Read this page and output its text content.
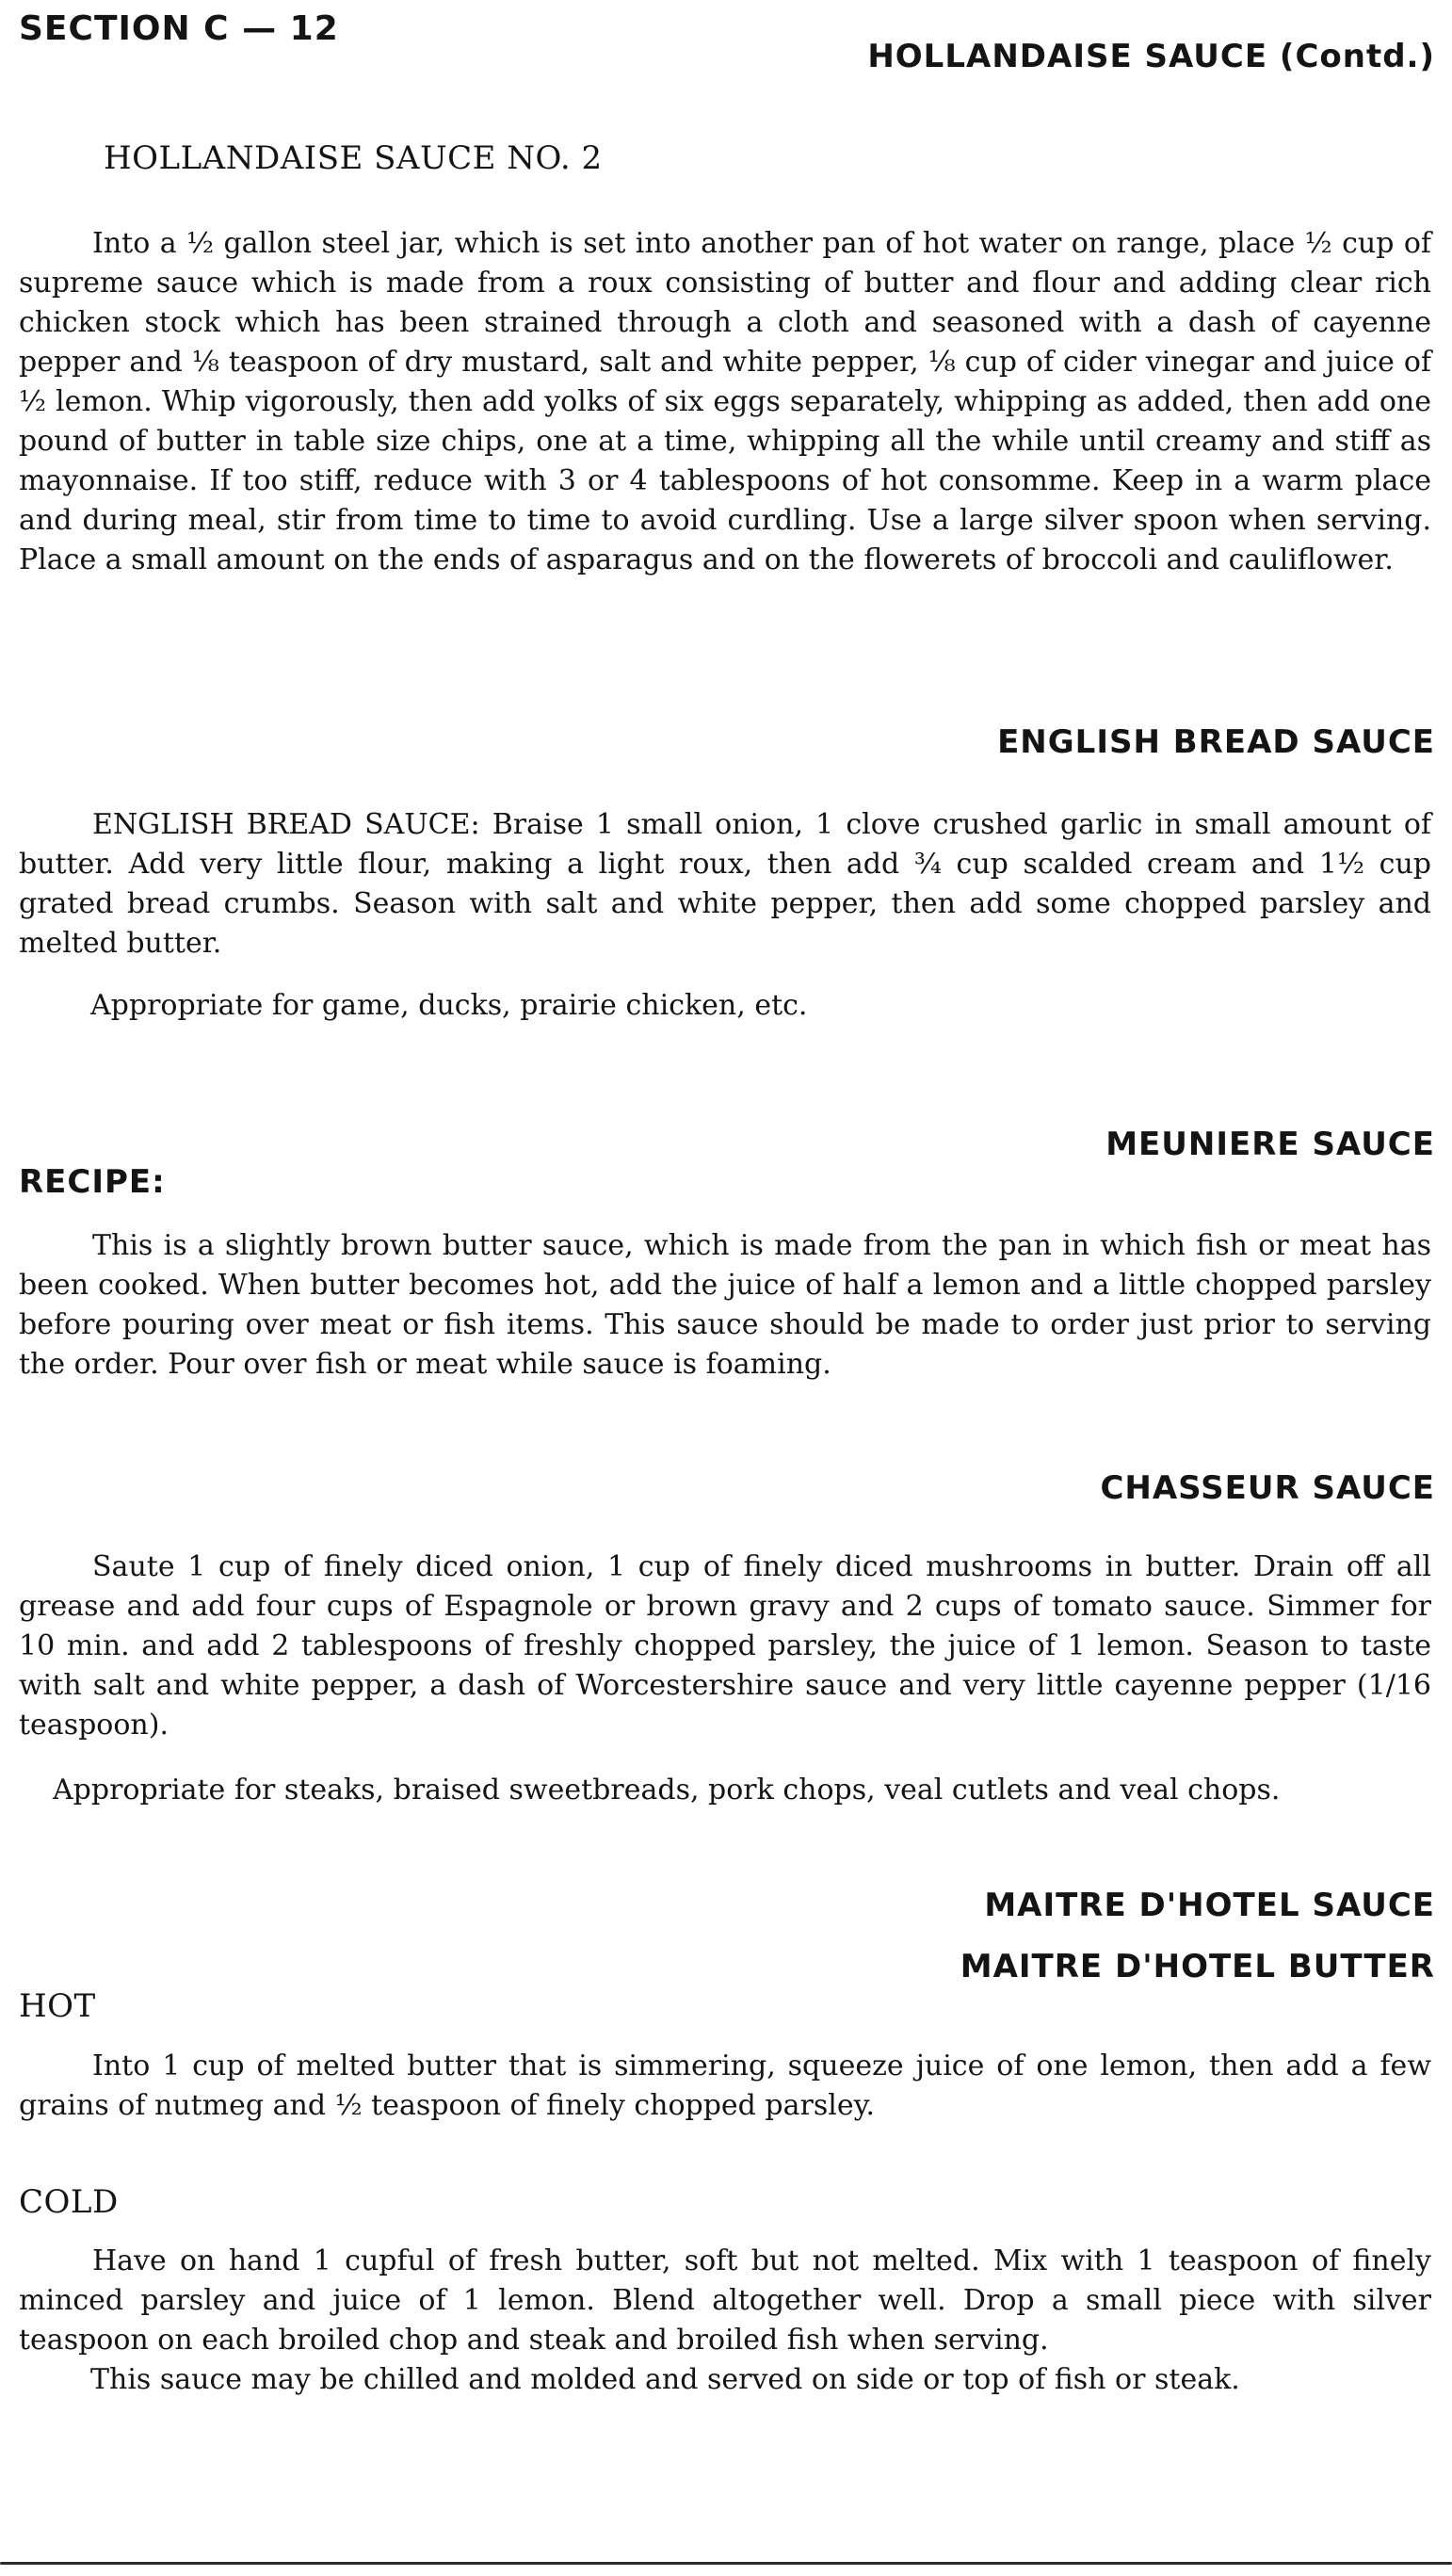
SECTION C — 12
HOLLANDAISE SAUCE (Contd.)
HOLLANDAISE SAUCE NO. 2

Into a ½ gallon steel jar, which is set into another pan of hot water on range, place ½ cup of supreme sauce which is made from a roux consisting of butter and flour and adding clear rich chicken stock which has been strained through a cloth and seasoned with a dash of cayenne pepper and ⅛ teaspoon of dry mustard, salt and white pepper, ⅛ cup of cider vinegar and juice of ½ lemon. Whip vigorously, then add yolks of six eggs separately, whipping as added, then add one pound of butter in table size chips, one at a time, whipping all the while until creamy and stiff as mayonnaise. If too stiff, reduce with 3 or 4 tablespoons of hot consomme. Keep in a warm place and during meal, stir from time to time to avoid curdling. Use a large silver spoon when serving. Place a small amount on the ends of asparagus and on the flowerets of broccoli and cauliflower.

ENGLISH BREAD SAUCE

ENGLISH BREAD SAUCE: Braise 1 small onion, 1 clove crushed garlic in small amount of butter. Add very little flour, making a light roux, then add ¾ cup scalded cream and 1½ cup grated bread crumbs. Season with salt and white pepper, then add some chopped parsley and melted butter.

Appropriate for game, ducks, prairie chicken, etc.
MEUNIERE SAUCE
RECIPE:

This is a slightly brown butter sauce, which is made from the pan in which fish or meat has been cooked. When butter becomes hot, add the juice of half a lemon and a little chopped parsley before pouring over meat or fish items. This sauce should be made to order just prior to serving the order. Pour over fish or meat while sauce is foaming.

CHASSEUR SAUCE

Saute 1 cup of finely diced onion, 1 cup of finely diced mushrooms in butter. Drain off all grease and add four cups of Espagnole or brown gravy and 2 cups of tomato sauce. Simmer for 10 min. and add 2 tablespoons of freshly chopped parsley, the juice of 1 lemon. Season to taste with salt and white pepper, a dash of Worcestershire sauce and very little cayenne pepper (1/16 teaspoon).

Appropriate for steaks, braised sweetbreads, pork chops, veal cutlets and veal chops.
MAITRE D'HOTEL SAUCE
MAITRE D'HOTEL BUTTER
HOT

Into 1 cup of melted butter that is simmering, squeeze juice of one lemon, then add a few grains of nutmeg and ½ teaspoon of finely chopped parsley.

COLD

Have on hand 1 cupful of fresh butter, soft but not melted. Mix with 1 teaspoon of finely minced parsley and juice of 1 lemon. Blend altogether well. Drop a small piece with silver teaspoon on each broiled chop and steak and broiled fish when serving.

This sauce may be chilled and molded and served on side or top of fish or steak.
